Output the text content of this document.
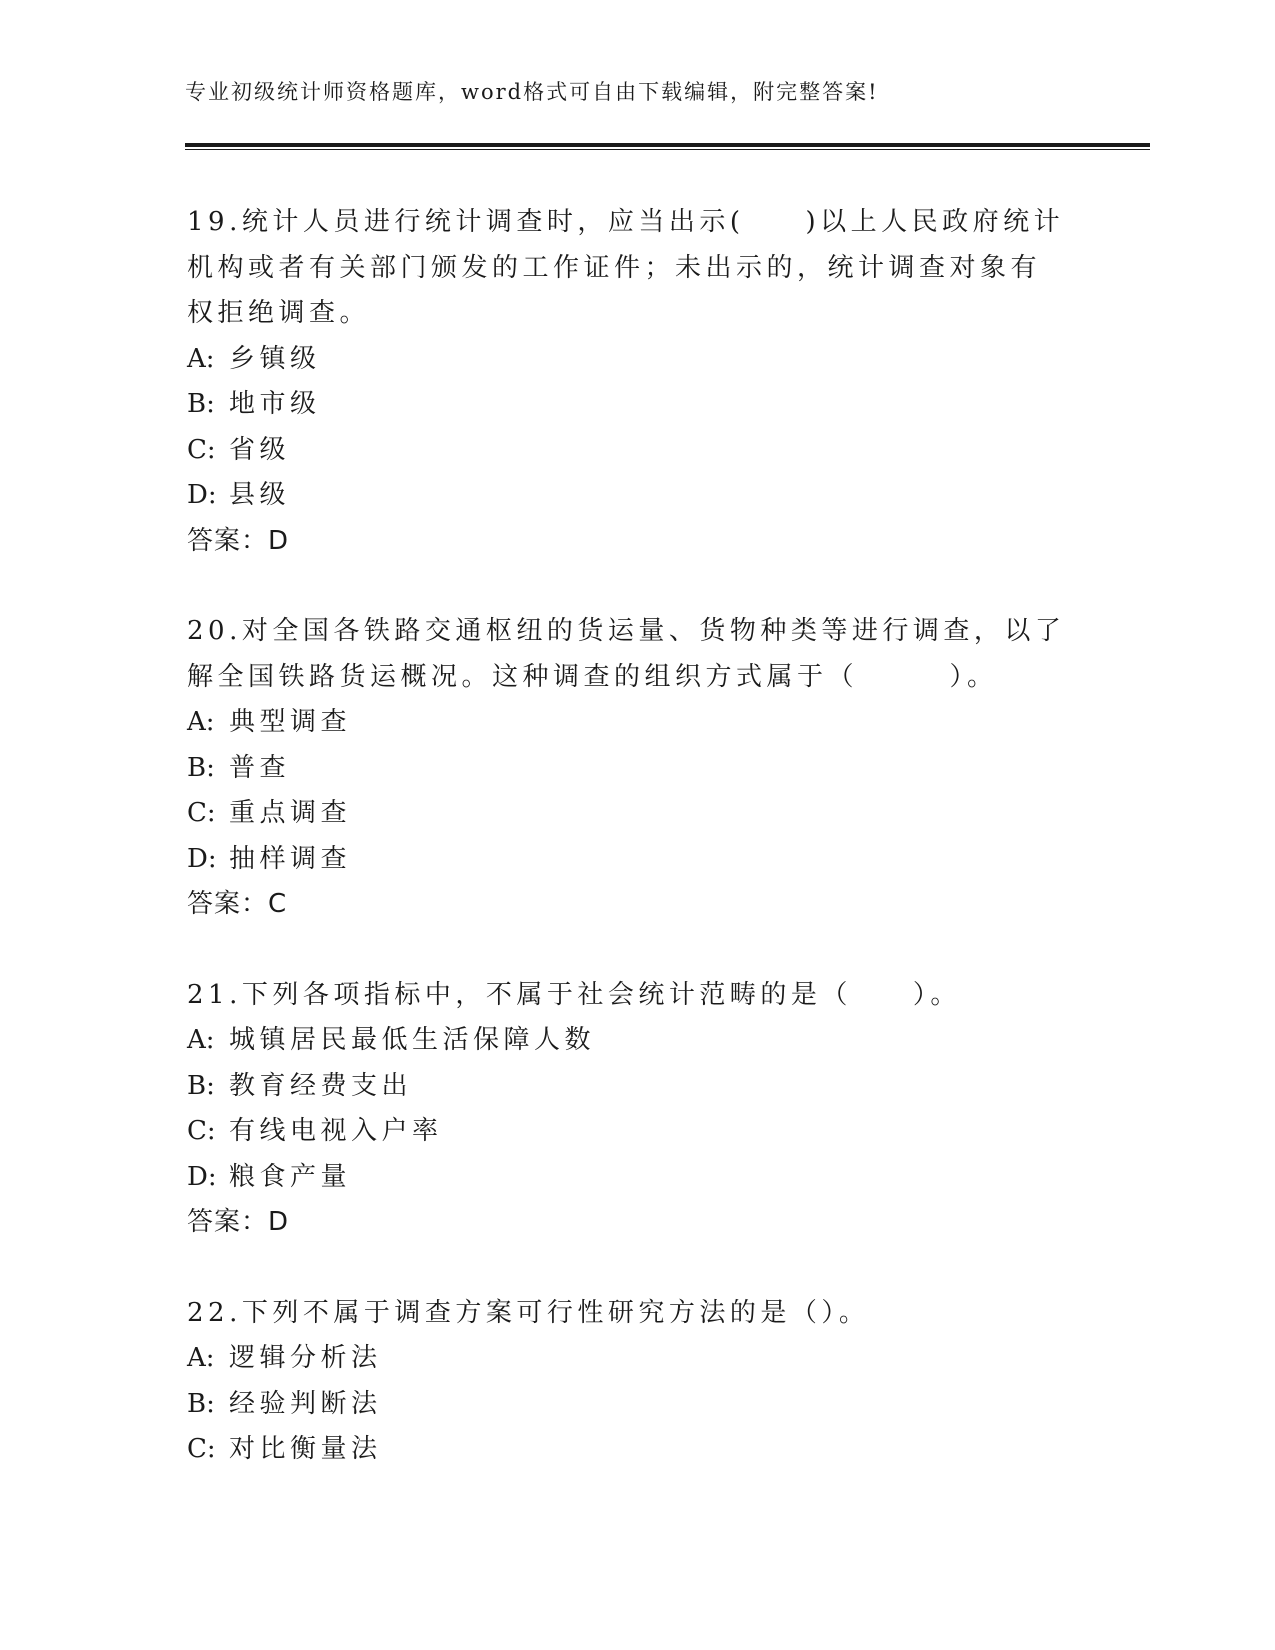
专业初级统计师资格题库，word格式可自由下载编辑，附完整答案!

19.统计人员进行统计调查时，应当出示(　　)以上人民政府统计机构或者有关部门颁发的工作证件；未出示的，统计调查对象有权拒绝调查。

A: 乡镇级

B: 地市级

C: 省级

D: 县级

答案：D

20.对全国各铁路交通枢纽的货运量、货物种类等进行调查，以了解全国铁路货运概况。这种调查的组织方式属于（　　　）。

A: 典型调查

B: 普查

C: 重点调查

D: 抽样调查

答案：C

21.下列各项指标中，不属于社会统计范畴的是（　　）。

A: 城镇居民最低生活保障人数

B: 教育经费支出

C: 有线电视入户率

D: 粮食产量

答案：D

22.下列不属于调查方案可行性研究方法的是（）。

A: 逻辑分析法

B: 经验判断法

C: 对比衡量法
